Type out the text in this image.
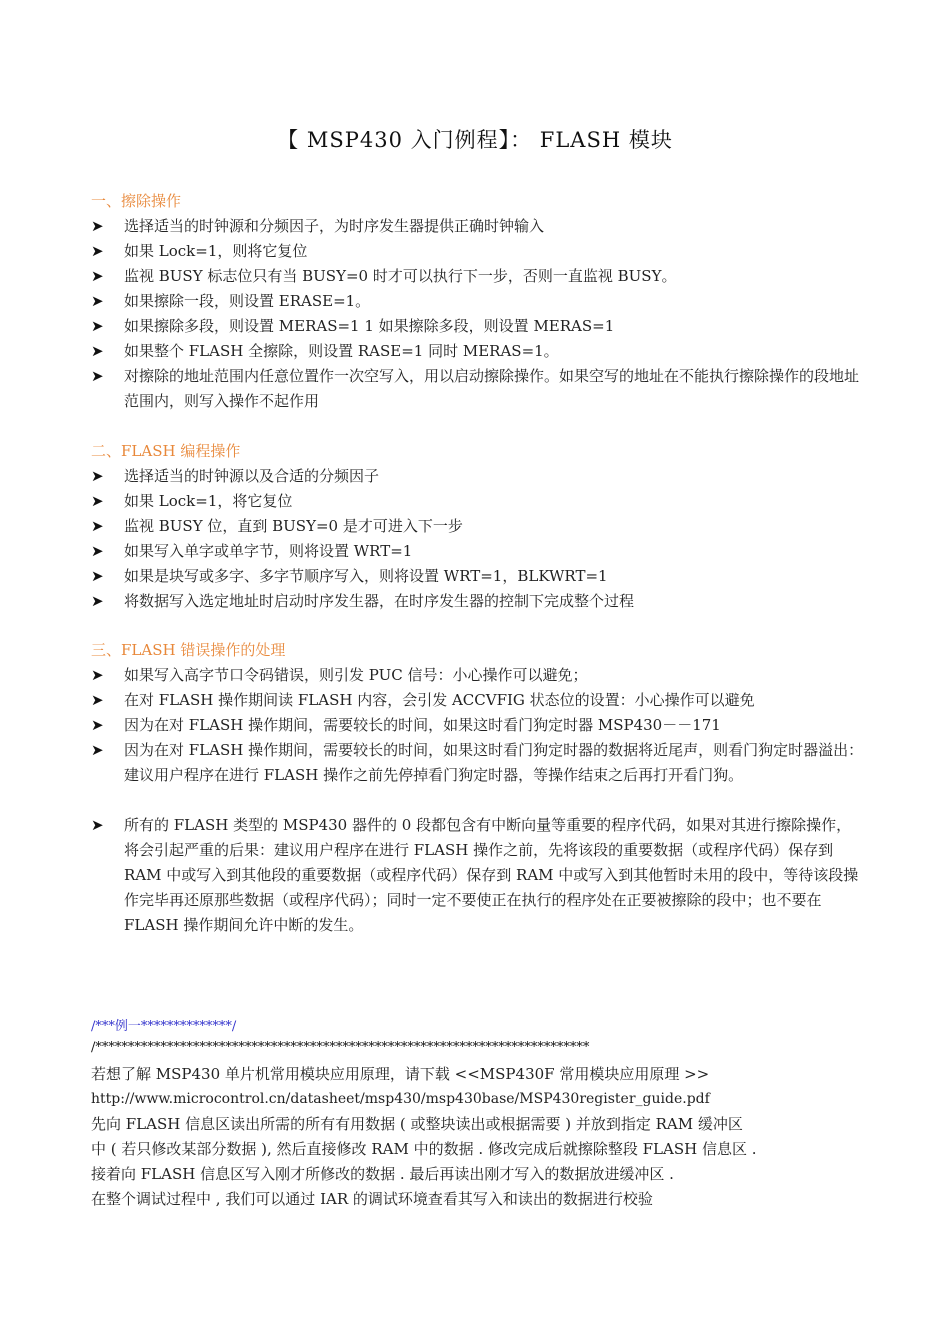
【 MSP430 入门例程】： FLASH 模块
一、擦除操作
➤	选择适当的时钟源和分频因子，为时序发生器提供正确时钟输入
➤	如果 Lock=1，则将它复位
➤	监视 BUSY 标志位只有当 BUSY=0 时才可以执行下一步，否则一直监视 BUSY。
➤	如果擦除一段，则设置 ERASE=1。
➤	如果擦除多段，则设置 MERAS=1 1 如果擦除多段，则设置 MERAS=1
➤	如果整个 FLASH 全擦除，则设置 RASE=1 同时 MERAS=1。
➤	对擦除的地址范围内任意位置作一次空写入，用以启动擦除操作。如果空写的地址在不能执行擦除操作的段地址范围内，则写入操作不起作用
二、FLASH 编程操作
➤	选择适当的时钟源以及合适的分频因子
➤	如果 Lock=1，将它复位
➤	监视 BUSY 位，直到 BUSY=0 是才可进入下一步
➤	如果写入单字或单字节，则将设置 WRT=1
➤	如果是块写或多字、多字节顺序写入，则将设置 WRT=1，BLKWRT=1
➤	将数据写入选定地址时启动时序发生器，在时序发生器的控制下完成整个过程
三、FLASH 错误操作的处理
➤	如果写入高字节口令码错误，则引发 PUC 信号：小心操作可以避免；
➤	在对 FLASH 操作期间读 FLASH 内容，会引发 ACCVFIG 状态位的设置：小心操作可以避免
➤	因为在对 FLASH 操作期间，需要较长的时间，如果这时看门狗定时器 MSP430－－171
➤	因为在对 FLASH 操作期间，需要较长的时间，如果这时看门狗定时器的数据将近尾声，则看门狗定时器溢出：建议用户程序在进行 FLASH 操作之前先停掉看门狗定时器，等操作结束之后再打开看门狗。
➤	所有的 FLASH 类型的 MSP430 器件的 0 段都包含有中断向量等重要的程序代码，如果对其进行擦除操作，将会引起严重的后果：建议用户程序在进行 FLASH 操作之前，先将该段的重要数据（或程序代码）保存到 RAM 中或写入到其他段的重要数据（或程序代码）保存到 RAM 中或写入到其他暂时未用的段中，等待该段操作完毕再还原那些数据（或程序代码）；同时一定不要使正在执行的程序处在正要被擦除的段中；也不要在 FLASH 操作期间允许中断的发生。
/***例一**************/
/****************************************************************************
若想了解 MSP430 单片机常用模块应用原理，请下载 <<MSP430F 常用模块应用原理 >>
http://www.microcontrol.cn/datasheet/msp430/msp430base/MSP430register_guide.pdf
先向 FLASH 信息区读出所需的所有有用数据 ( 或整块读出或根据需要 ) 并放到指定 RAM 缓冲区
中 ( 若只修改某部分数据 ), 然后直接修改 RAM 中的数据 . 修改完成后就擦除整段 FLASH 信息区 .
接着向 FLASH 信息区写入刚才所修改的数据 . 最后再读出刚才写入的数据放进缓冲区 .
在整个调试过程中 , 我们可以通过 IAR 的调试环境查看其写入和读出的数据进行校验
